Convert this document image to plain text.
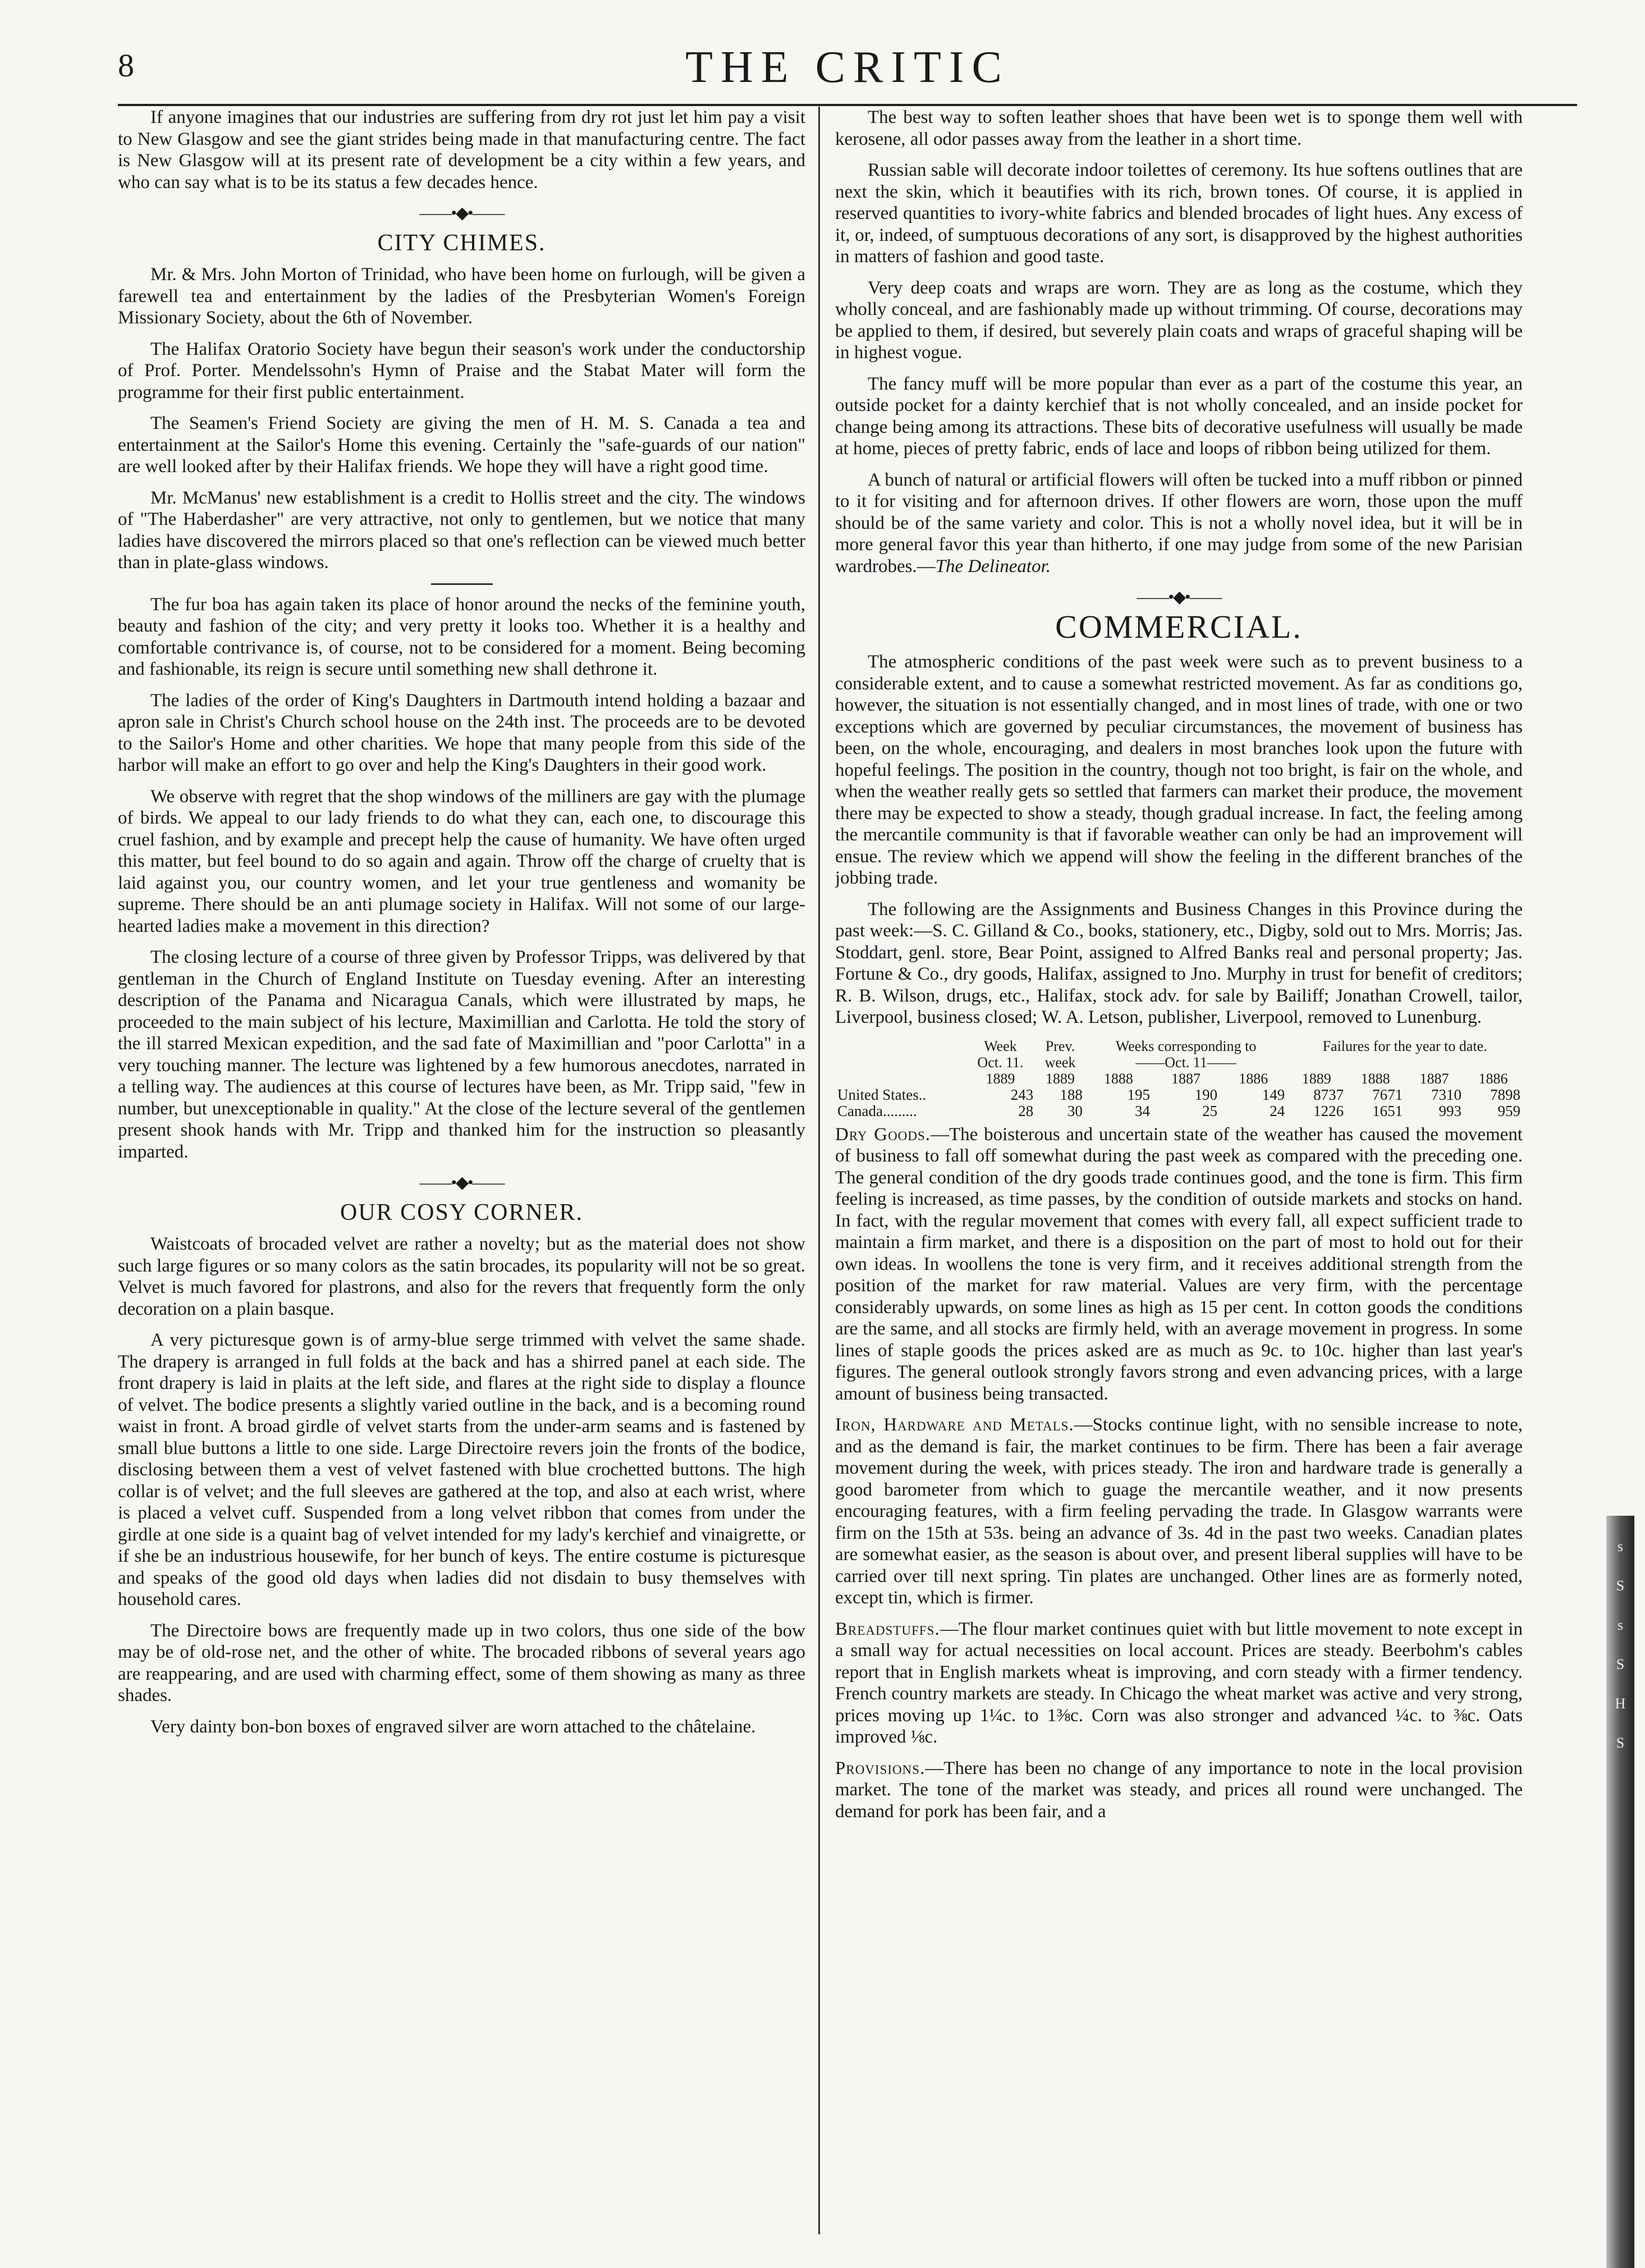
8	THE CRITIC

If anyone imagines that our industries are suffering from dry rot just let him pay a visit to New Glasgow and see the giant strides being made in that manufacturing centre. The fact is New Glasgow will at its present rate of development be a city within a few years, and who can say what is to be its status a few decades hence.

——•◆•——
CITY CHIMES.

Mr. & Mrs. John Morton of Trinidad, who have been home on furlough, will be given a farewell tea and entertainment by the ladies of the Presbyterian Women's Foreign Missionary Society, about the 6th of November.

The Halifax Oratorio Society have begun their season's work under the conductorship of Prof. Porter. Mendelssohn's Hymn of Praise and the Stabat Mater will form the programme for their first public entertainment.

The Seamen's Friend Society are giving the men of H. M. S. Canada a tea and entertainment at the Sailor's Home this evening. Certainly the "safe-guards of our nation" are well looked after by their Halifax friends. We hope they will have a right good time.

Mr. McManus' new establishment is a credit to Hollis street and the city. The windows of "The Haberdasher" are very attractive, not only to gentlemen, but we notice that many ladies have discovered the mirrors placed so that one's reflection can be viewed much better than in plate-glass windows.

The fur boa has again taken its place of honor around the necks of the feminine youth, beauty and fashion of the city; and very pretty it looks too. Whether it is a healthy and comfortable contrivance is, of course, not to be considered for a moment. Being becoming and fashionable, its reign is secure until something new shall dethrone it.

The ladies of the order of King's Daughters in Dartmouth intend holding a bazaar and apron sale in Christ's Church school house on the 24th inst. The proceeds are to be devoted to the Sailor's Home and other charities. We hope that many people from this side of the harbor will make an effort to go over and help the King's Daughters in their good work.

We observe with regret that the shop windows of the milliners are gay with the plumage of birds. We appeal to our lady friends to do what they can, each one, to discourage this cruel fashion, and by example and precept help the cause of humanity. We have often urged this matter, but feel bound to do so again and again. Throw off the charge of cruelty that is laid against you, our country women, and let your true gentleness and womanity be supreme. There should be an anti plumage society in Halifax. Will not some of our large-hearted ladies make a movement in this direction?

The closing lecture of a course of three given by Professor Tripps, was delivered by that gentleman in the Church of England Institute on Tuesday evening. After an interesting description of the Panama and Nicaragua Canals, which were illustrated by maps, he proceeded to the main subject of his lecture, Maximillian and Carlotta. He told the story of the ill starred Mexican expedition, and the sad fate of Maximillian and "poor Carlotta" in a very touching manner. The lecture was lightened by a few humorous anecdotes, narrated in a telling way. The audiences at this course of lectures have been, as Mr. Tripp said, "few in number, but unexceptionable in quality." At the close of the lecture several of the gentlemen present shook hands with Mr. Tripp and thanked him for the instruction so pleasantly imparted.

——•◆•——
OUR COSY CORNER.

Waistcoats of brocaded velvet are rather a novelty; but as the material does not show such large figures or so many colors as the satin brocades, its popularity will not be so great. Velvet is much favored for plastrons, and also for the revers that frequently form the only decoration on a plain basque.

A very picturesque gown is of army-blue serge trimmed with velvet the same shade. The drapery is arranged in full folds at the back and has a shirred panel at each side. The front drapery is laid in plaits at the left side, and flares at the right side to display a flounce of velvet. The bodice presents a slightly varied outline in the back, and is a becoming round waist in front. A broad girdle of velvet starts from the under-arm seams and is fastened by small blue buttons a little to one side. Large Directoire revers join the fronts of the bodice, disclosing between them a vest of velvet fastened with blue crochetted buttons. The high collar is of velvet; and the full sleeves are gathered at the top, and also at each wrist, where is placed a velvet cuff. Suspended from a long velvet ribbon that comes from under the girdle at one side is a quaint bag of velvet intended for my lady's kerchief and vinaigrette, or if she be an industrious housewife, for her bunch of keys. The entire costume is picturesque and speaks of the good old days when ladies did not disdain to busy themselves with household cares.

The Directoire bows are frequently made up in two colors, thus one side of the bow may be of old-rose net, and the other of white. The brocaded ribbons of several years ago are reappearing, and are used with charming effect, some of them showing as many as three shades.

Very dainty bon-bon boxes of engraved silver are worn attached to the châtelaine.

The best way to soften leather shoes that have been wet is to sponge them well with kerosene, all odor passes away from the leather in a short time.

Russian sable will decorate indoor toilettes of ceremony. Its hue softens outlines that are next the skin, which it beautifies with its rich, brown tones. Of course, it is applied in reserved quantities to ivory-white fabrics and blended brocades of light hues. Any excess of it, or, indeed, of sumptuous decorations of any sort, is disapproved by the highest authorities in matters of fashion and good taste.

Very deep coats and wraps are worn. They are as long as the costume, which they wholly conceal, and are fashionably made up without trimming. Of course, decorations may be applied to them, if desired, but severely plain coats and wraps of graceful shaping will be in highest vogue.

The fancy muff will be more popular than ever as a part of the costume this year, an outside pocket for a dainty kerchief that is not wholly concealed, and an inside pocket for change being among its attractions. These bits of decorative usefulness will usually be made at home, pieces of pretty fabric, ends of lace and loops of ribbon being utilized for them.

A bunch of natural or artificial flowers will often be tucked into a muff ribbon or pinned to it for visiting and for afternoon drives. If other flowers are worn, those upon the muff should be of the same variety and color. This is not a wholly novel idea, but it will be in more general favor this year than hitherto, if one may judge from some of the new Parisian wardrobes.—The Delineator.

——•◆•——
COMMERCIAL.

The atmospheric conditions of the past week were such as to prevent business to a considerable extent, and to cause a somewhat restricted movement. As far as conditions go, however, the situation is not essentially changed, and in most lines of trade, with one or two exceptions which are governed by peculiar circumstances, the movement of business has been, on the whole, encouraging, and dealers in most branches look upon the future with hopeful feelings. The position in the country, though not too bright, is fair on the whole, and when the weather really gets so settled that farmers can market their produce, the movement there may be expected to show a steady, though gradual increase. In fact, the feeling among the mercantile community is that if favorable weather can only be had an improvement will ensue. The review which we append will show the feeling in the different branches of the jobbing trade.

The following are the Assignments and Business Changes in this Province during the past week:—S. C. Gilland & Co., books, stationery, etc., Digby, sold out to Mrs. Morris; Jas. Stoddart, genl. store, Bear Point, assigned to Alfred Banks real and personal property; Jas. Fortune & Co., dry goods, Halifax, assigned to Jno. Murphy in trust for benefit of creditors; R. B. Wilson, drugs, etc., Halifax, stock adv. for sale by Bailiff; Jonathan Crowell, tailor, Liverpool, business closed; W. A. Letson, publisher, Liverpool, removed to Lunenburg.

	Week	Prev.	Weeks corresponding to			Failures for the year to date.			
	Oct. 11.	week	——Oct. 11——						
	1889	1889	1888	1887	1886	1889	1888	1887	1886
United States..	243	188	195	190	149	8737	7671	7310	7898
Canada.........	28	30	34	25	24	1226	1651	993	959

Dry Goods.—The boisterous and uncertain state of the weather has caused the movement of business to fall off somewhat during the past week as compared with the preceding one. The general condition of the dry goods trade continues good, and the tone is firm. This firm feeling is increased, as time passes, by the condition of outside markets and stocks on hand. In fact, with the regular movement that comes with every fall, all expect sufficient trade to maintain a firm market, and there is a disposition on the part of most to hold out for their own ideas. In woollens the tone is very firm, and it receives additional strength from the position of the market for raw material. Values are very firm, with the percentage considerably upwards, on some lines as high as 15 per cent. In cotton goods the conditions are the same, and all stocks are firmly held, with an average movement in progress. In some lines of staple goods the prices asked are as much as 9c. to 10c. higher than last year's figures. The general outlook strongly favors strong and even advancing prices, with a large amount of business being transacted.

Iron, Hardware and Metals.—Stocks continue light, with no sensible increase to note, and as the demand is fair, the market continues to be firm. There has been a fair average movement during the week, with prices steady. The iron and hardware trade is generally a good barometer from which to guage the mercantile weather, and it now presents encouraging features, with a firm feeling pervading the trade. In Glasgow warrants were firm on the 15th at 53s. being an advance of 3s. 4d in the past two weeks. Canadian plates are somewhat easier, as the season is about over, and present liberal supplies will have to be carried over till next spring. Tin plates are unchanged. Other lines are as formerly noted, except tin, which is firmer.

Breadstuffs.—The flour market continues quiet with but little movement to note except in a small way for actual necessities on local account. Prices are steady. Beerbohm's cables report that in English markets wheat is improving, and corn steady with a firmer tendency. French country markets are steady. In Chicago the wheat market was active and very strong, prices moving up 1¼c. to 1⅜c. Corn was also stronger and advanced ¼c. to ⅜c. Oats improved ⅛c.

Provisions.—There has been no change of any importance to note in the local provision market. The tone of the market was steady, and prices all round were unchanged. The demand for pork has been fair, and a

s
S
s
S
H
S
